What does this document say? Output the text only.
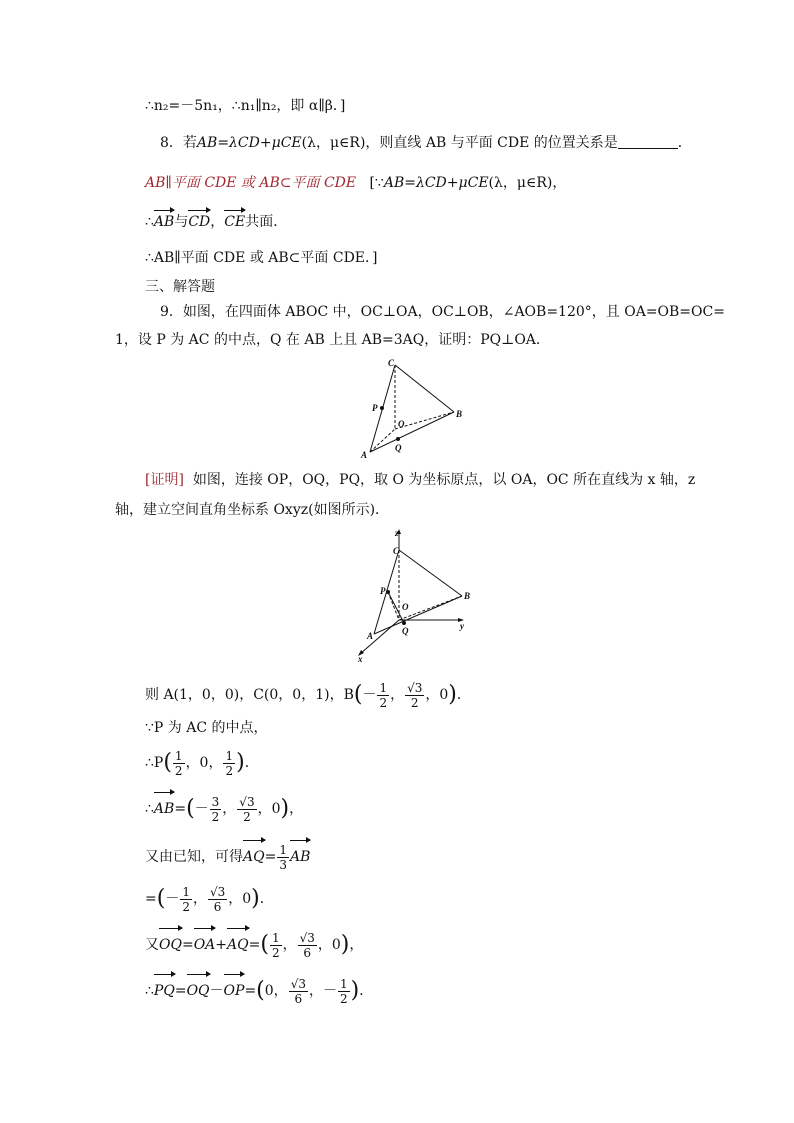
∴n₂=－5n₁，∴n₁∥n₂，即 α∥β．]
8．若AB=λCD+μCE(λ，μ∈R)，则直线 AB 与平面 CDE 的位置关系是	．
AB∥平面 CDE 或 AB⊂平面 CDE [∵AB=λCD+μCE(λ，μ∈R)，
∴AB与CD，CE共面．
∴AB∥平面 CDE 或 AB⊂平面 CDE．]
三、解答题
9．如图，在四面体 ABOC 中，OC⊥OA，OC⊥OB，∠AOB=120°，且 OA=OB=OC=
1，设 P 为 AC 的中点，Q 在 AB 上且 AB=3AQ，证明：PQ⊥OA．
C
P
B
O
A
Q
[证明] 如图，连接 OP，OQ，PQ，取 O 为坐标原点，以 OA，OC 所在直线为 x 轴，z
轴，建立空间直角坐标系 Oxyz(如图所示)．
z
C
P
O
B
y
A	Q
x
则 A(1，0，0)，C(0，0，1)，$B(- \frac{1}{2}$ ， $\frac{√3}{2}$ ，0)．
∵P 为 AC 的中点，
∴P( $\frac{1}{2}$ ，0， $\frac{1}{2}$ )．
∴AB=(－ $\frac{3}{2}$ ， $\frac{√3}{2}$ ，0)，
又由已知，可得$AQ= \frac{1}{3}$ AB
=(－ $\frac{1}{2}$ ， $\frac{√3}{6}$ ，0)．
又$OQ=OA+AQ=( \frac{1}{2}$ ， $\frac{√3}{6}$ ，0)，
∴PQ=OQ－OP=(0， $\frac{√3}{6}$ ，－ $\frac{1}{2}$ )．
